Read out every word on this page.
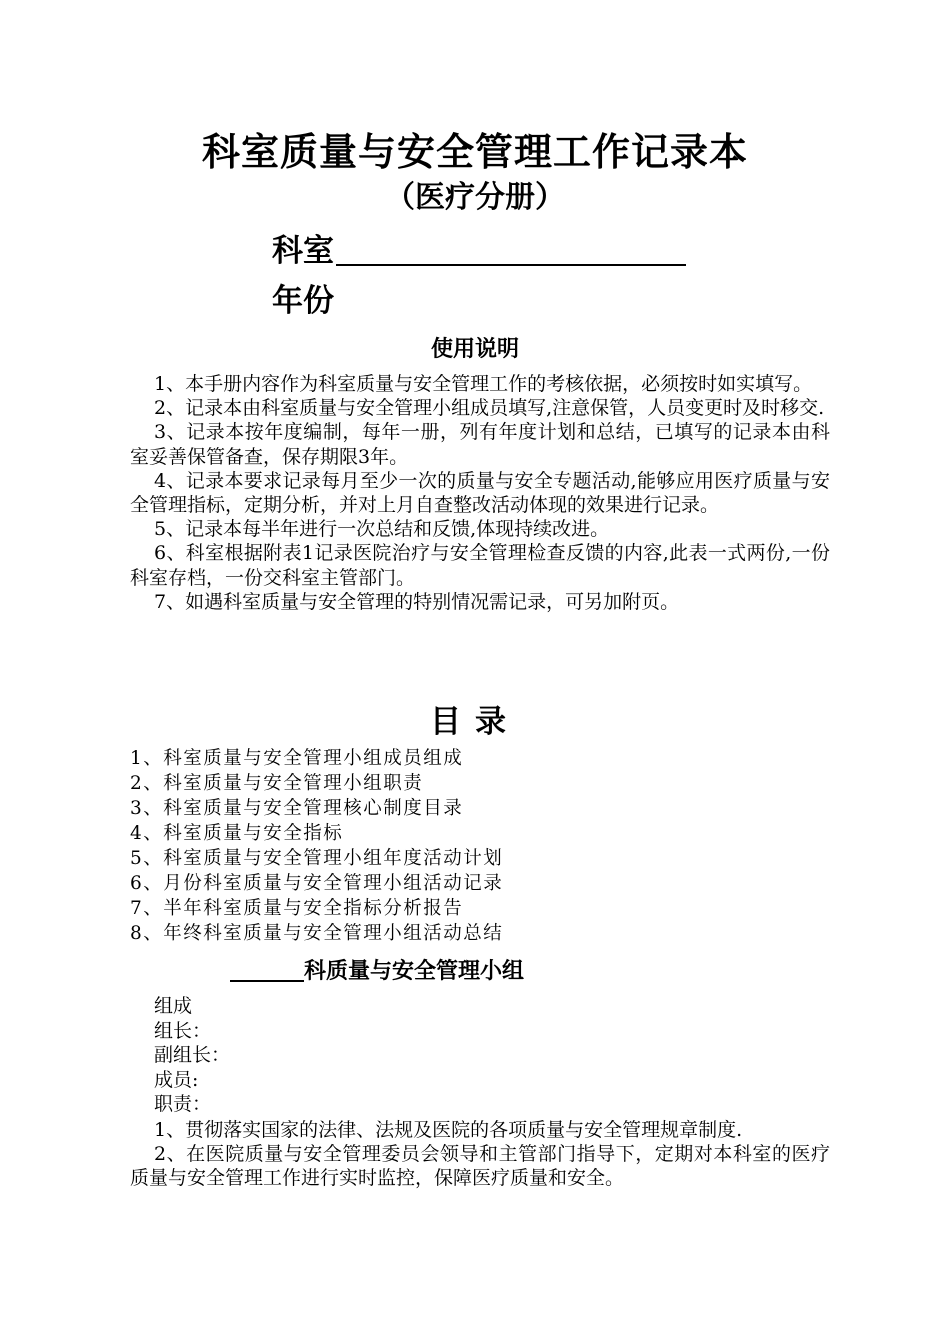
科室质量与安全管理工作记录本
（医疗分册）
科室
年份
使用说明

1、本手册内容作为科室质量与安全管理工作的考核依据，必须按时如实填写。

2、记录本由科室质量与安全管理小组成员填写,注意保管，人员变更时及时移交.

3、记录本按年度编制，每年一册，列有年度计划和总结，已填写的记录本由科室妥善保管备查，保存期限3年。

4、记录本要求记录每月至少一次的质量与安全专题活动,能够应用医疗质量与安全管理指标，定期分析，并对上月自查整改活动体现的效果进行记录。

5、记录本每半年进行一次总结和反馈,体现持续改进。

6、科室根据附表1记录医院治疗与安全管理检查反馈的内容,此表一式两份,一份科室存档，一份交科室主管部门。

7、如遇科室质量与安全管理的特别情况需记录，可另加附页。

目录
1、科室质量与安全管理小组成员组成
2、科室质量与安全管理小组职责
3、科室质量与安全管理核心制度目录
4、科室质量与安全指标
5、科室质量与安全管理小组年度活动计划
6、月份科室质量与安全管理小组活动记录
7、半年科室质量与安全指标分析报告
8、年终科室质量与安全管理小组活动总结
科质量与安全管理小组
组成
组长：
副组长：
成员:
职责：

1、贯彻落实国家的法律、法规及医院的各项质量与安全管理规章制度.

2、在医院质量与安全管理委员会领导和主管部门指导下，定期对本科室的医疗质量与安全管理工作进行实时监控，保障医疗质量和安全。
